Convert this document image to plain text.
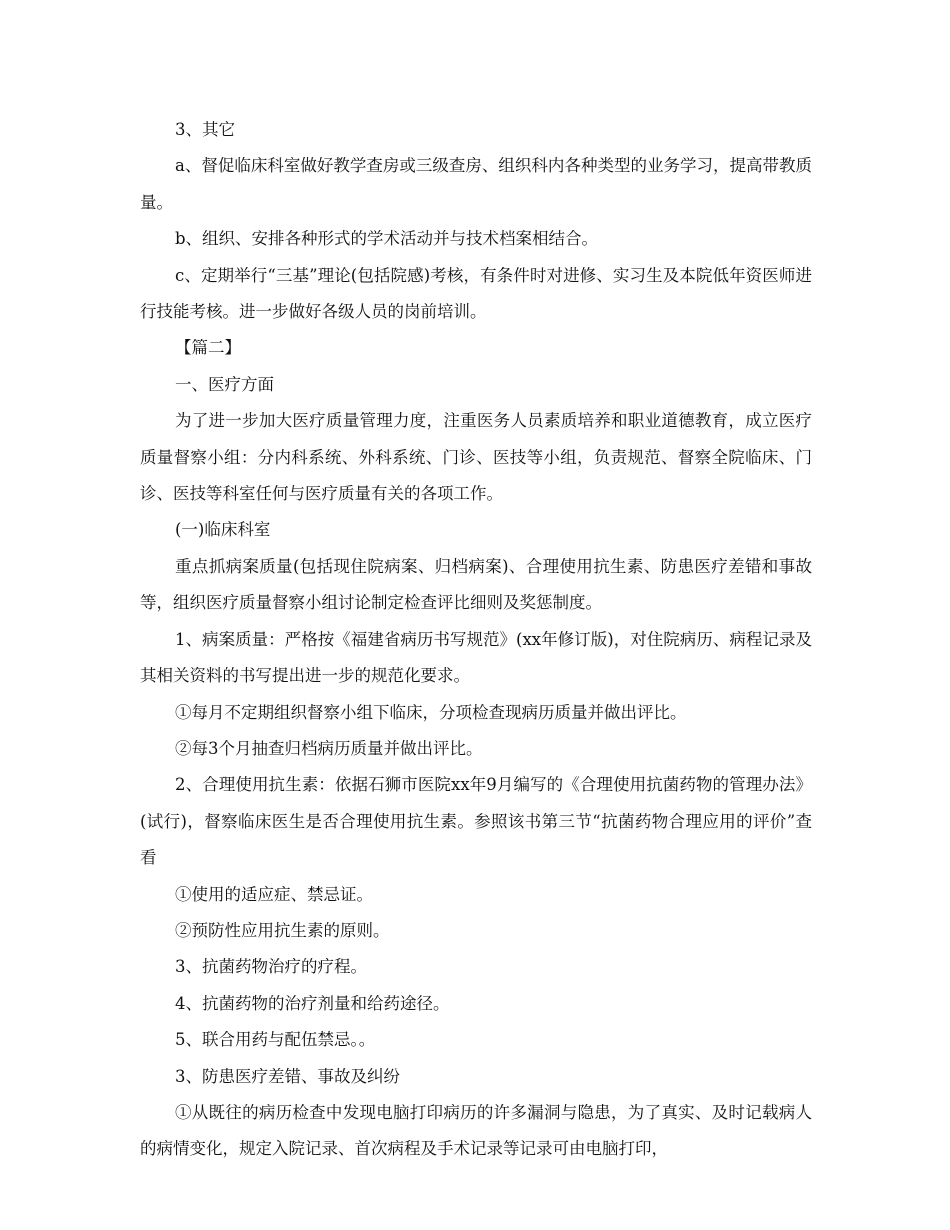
3、其它

a、督促临床科室做好教学查房或三级查房、组织科内各种类型的业务学习，提高带教质量。

b、组织、安排各种形式的学术活动并与技术档案相结合。

c、定期举行“三基”理论(包括院感)考核，有条件时对进修、实习生及本院低年资医师进行技能考核。进一步做好各级人员的岗前培训。

【篇二】

一、医疗方面

为了进一步加大医疗质量管理力度，注重医务人员素质培养和职业道德教育，成立医疗质量督察小组：分内科系统、外科系统、门诊、医技等小组，负责规范、督察全院临床、门诊、医技等科室任何与医疗质量有关的各项工作。

(一)临床科室

重点抓病案质量(包括现住院病案、归档病案)、合理使用抗生素、防患医疗差错和事故等，组织医疗质量督察小组讨论制定检查评比细则及奖惩制度。

1、病案质量：严格按《福建省病历书写规范》(xx年修订版)，对住院病历、病程记录及其相关资料的书写提出进一步的规范化要求。

①每月不定期组织督察小组下临床，分项检查现病历质量并做出评比。

②每3个月抽查归档病历质量并做出评比。

2、合理使用抗生素：依据石狮市医院xx年9月编写的《合理使用抗菌药物的管理办法》(试行)，督察临床医生是否合理使用抗生素。参照该书第三节“抗菌药物合理应用的评价”查看

①使用的适应症、禁忌证。

②预防性应用抗生素的原则。

3、抗菌药物治疗的疗程。

4、抗菌药物的治疗剂量和给药途径。

5、联合用药与配伍禁忌。。

3、防患医疗差错、事故及纠纷

①从既往的病历检查中发现电脑打印病历的许多漏洞与隐患，为了真实、及时记载病人的病情变化，规定入院记录、首次病程及手术记录等记录可由电脑打印，
